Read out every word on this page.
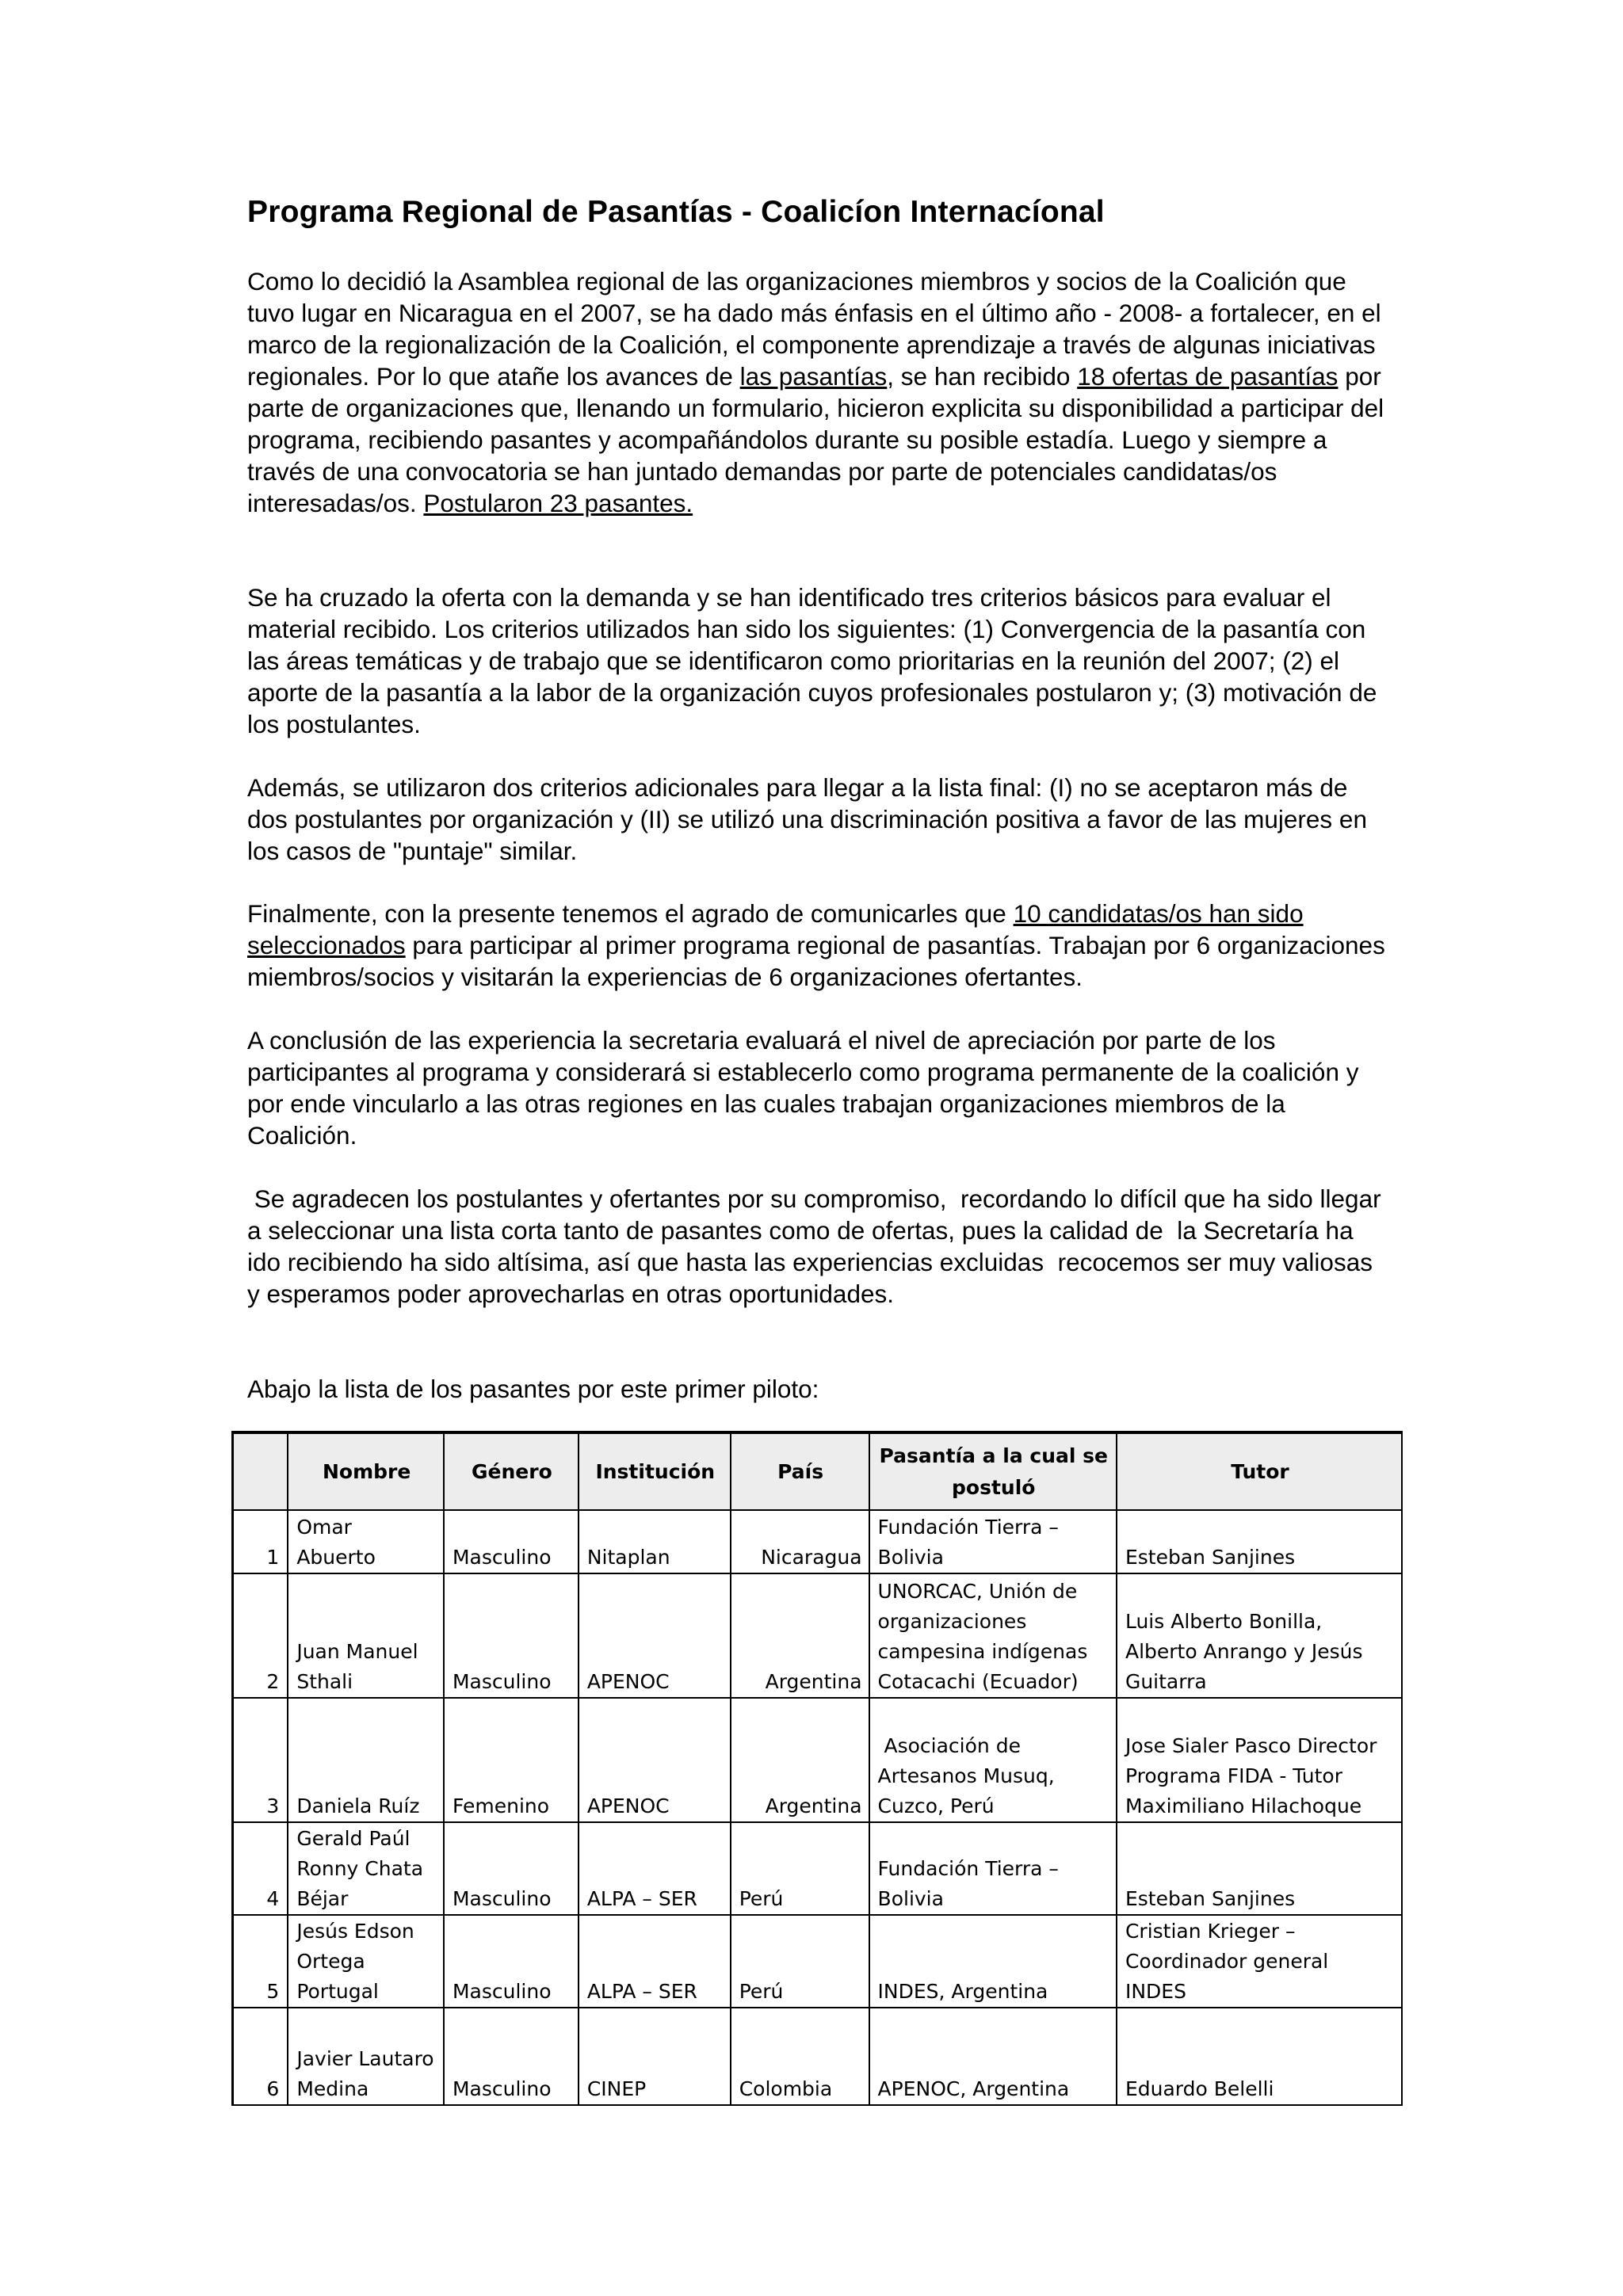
Programa Regional de Pasantías - Coalicíon Internacíonal

Como lo decidió la Asamblea regional de las organizaciones miembros y socios de la Coalición que tuvo lugar en Nicaragua en el 2007, se ha dado más énfasis en el último año - 2008- a fortalecer, en el marco de la regionalización de la Coalición, el componente aprendizaje a través de algunas iniciativas regionales. Por lo que atañe los avances de las pasantías, se han recibido 18 ofertas de pasantías por parte de organizaciones que, llenando un formulario, hicieron explicita su disponibilidad a participar del programa, recibiendo pasantes y acompañándolos durante su posible estadía. Luego y siempre a través de una convocatoria se han juntado demandas por parte de potenciales candidatas/os interesadas/os. Postularon 23 pasantes.

Se ha cruzado la oferta con la demanda y se han identificado tres criterios básicos para evaluar el material recibido. Los criterios utilizados han sido los siguientes: (1) Convergencia de la pasantía con las áreas temáticas y de trabajo que se identificaron como prioritarias en la reunión del 2007; (2) el aporte de la pasantía a la labor de la organización cuyos profesionales postularon y; (3) motivación de los postulantes.

Además, se utilizaron dos criterios adicionales para llegar a la lista final: (I) no se aceptaron más de dos postulantes por organización y (II) se utilizó una discriminación positiva a favor de las mujeres en los casos de "puntaje" similar.

Finalmente, con la presente tenemos el agrado de comunicarles que 10 candidatas/os han sido seleccionados para participar al primer programa regional de pasantías. Trabajan por 6 organizaciones miembros/socios y visitarán la experiencias de 6 organizaciones ofertantes.

A conclusión de las experiencia la secretaria evaluará el nivel de apreciación por parte de los participantes al programa y considerará si establecerlo como programa permanente de la coalición y por ende vincularlo a las otras regiones en las cuales trabajan organizaciones miembros de la Coalición.

Se agradecen los postulantes y ofertantes por su compromiso,  recordando lo difícil que ha sido llegar a seleccionar una lista corta tanto de pasantes como de ofertas, pues la calidad de  la Secretaría ha ido recibiendo ha sido altísima, así que hasta las experiencias excluidas  recocemos ser muy valiosas y esperamos poder aprovecharlas en otras oportunidades.

Abajo la lista de los pasantes por este primer piloto:

	Nombre	Género	Institución	País	Pasantía a la cual se postuló	Tutor
1	Omar Abuerto	Masculino	Nitaplan	Nicaragua	Fundación Tierra – Bolivia	Esteban Sanjines
2	Juan Manuel Sthali	Masculino	APENOC	Argentina	UNORCAC, Unión de organizaciones campesina indígenas Cotacachi (Ecuador)	Luis Alberto Bonilla, Alberto Anrango y Jesús Guitarra
3	Daniela Ruíz	Femenino	APENOC	Argentina	Asociación de Artesanos Musuq, Cuzco, Perú	Jose Sialer Pasco Director Programa FIDA - Tutor Maximiliano Hilachoque
4	Gerald Paúl Ronny Chata Béjar	Masculino	ALPA – SER	Perú	Fundación Tierra – Bolivia	Esteban Sanjines
5	Jesús Edson Ortega Portugal	Masculino	ALPA – SER	Perú	INDES, Argentina	Cristian Krieger – Coordinador general INDES
6	Javier Lautaro Medina	Masculino	CINEP	Colombia	APENOC, Argentina	Eduardo Belelli
